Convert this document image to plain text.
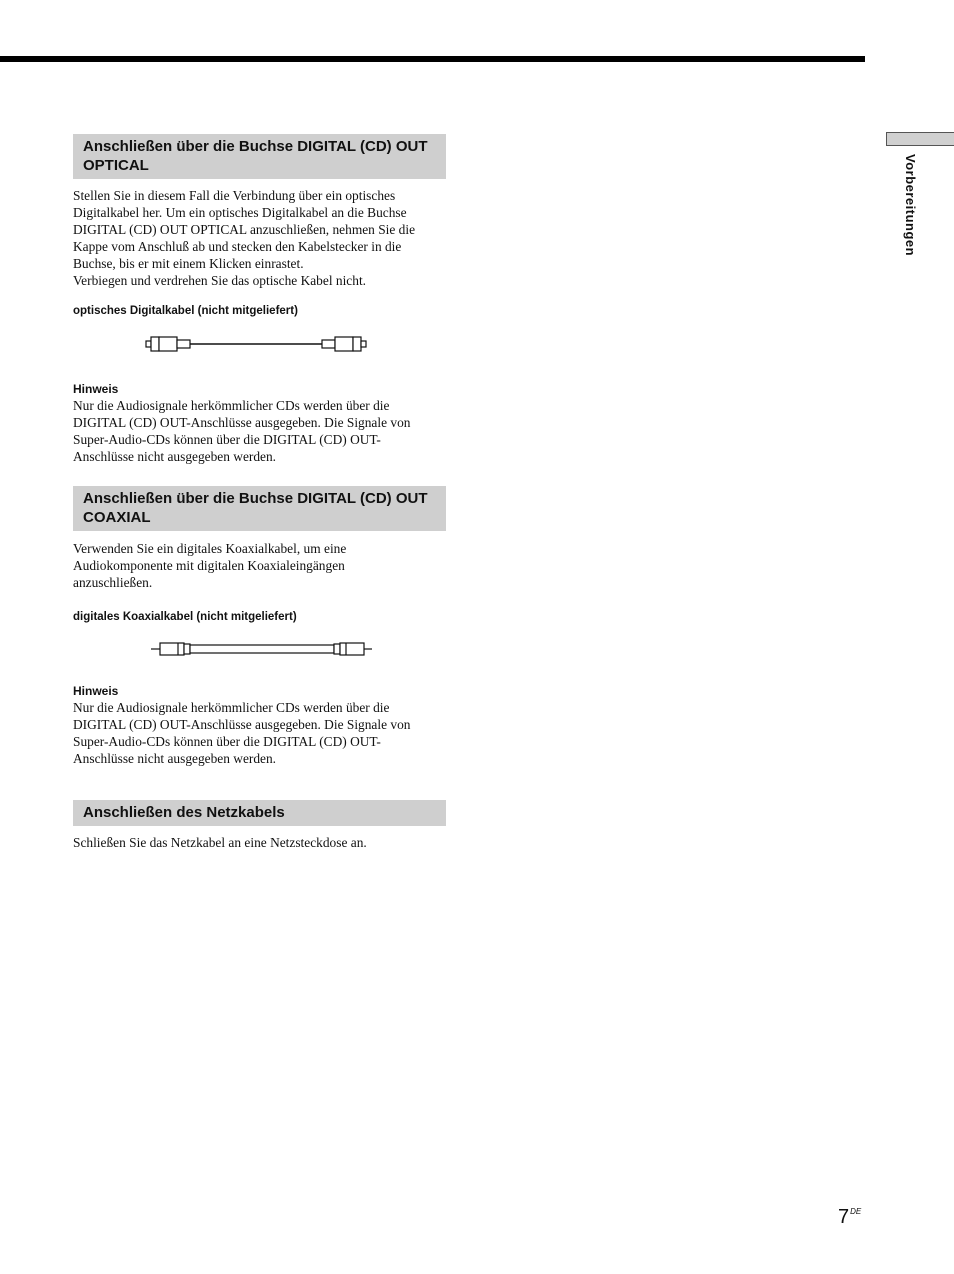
Vorbereitungen
Anschließen über die Buchse DIGITAL (CD) OUT OPTICAL

Stellen Sie in diesem Fall die Verbindung über ein optisches Digitalkabel her. Um ein optisches Digitalkabel an die Buchse DIGITAL (CD) OUT OPTICAL anzuschließen, nehmen Sie die Kappe vom Anschluß ab und stecken den Kabelstecker in die Buchse, bis er mit einem Klicken einrastet.

Verbiegen und verdrehen Sie das optische Kabel nicht.

optisches Digitalkabel (nicht mitgeliefert)
Hinweis

Nur die Audiosignale herkömmlicher CDs werden über die DIGITAL (CD) OUT-Anschlüsse ausgegeben. Die Signale von Super-Audio-CDs können über die DIGITAL (CD) OUT-Anschlüsse nicht ausgegeben werden.

Anschließen über die Buchse DIGITAL (CD) OUT COAXIAL

Verwenden Sie ein digitales Koaxialkabel, um eine Audiokomponente mit digitalen Koaxialeingängen anzuschließen.

digitales Koaxialkabel (nicht mitgeliefert)
Hinweis

Nur die Audiosignale herkömmlicher CDs werden über die DIGITAL (CD) OUT-Anschlüsse ausgegeben. Die Signale von Super-Audio-CDs können über die DIGITAL (CD) OUT-Anschlüsse nicht ausgegeben werden.

Anschließen des Netzkabels

Schließen Sie das Netzkabel an eine Netzsteckdose an.

7DE
